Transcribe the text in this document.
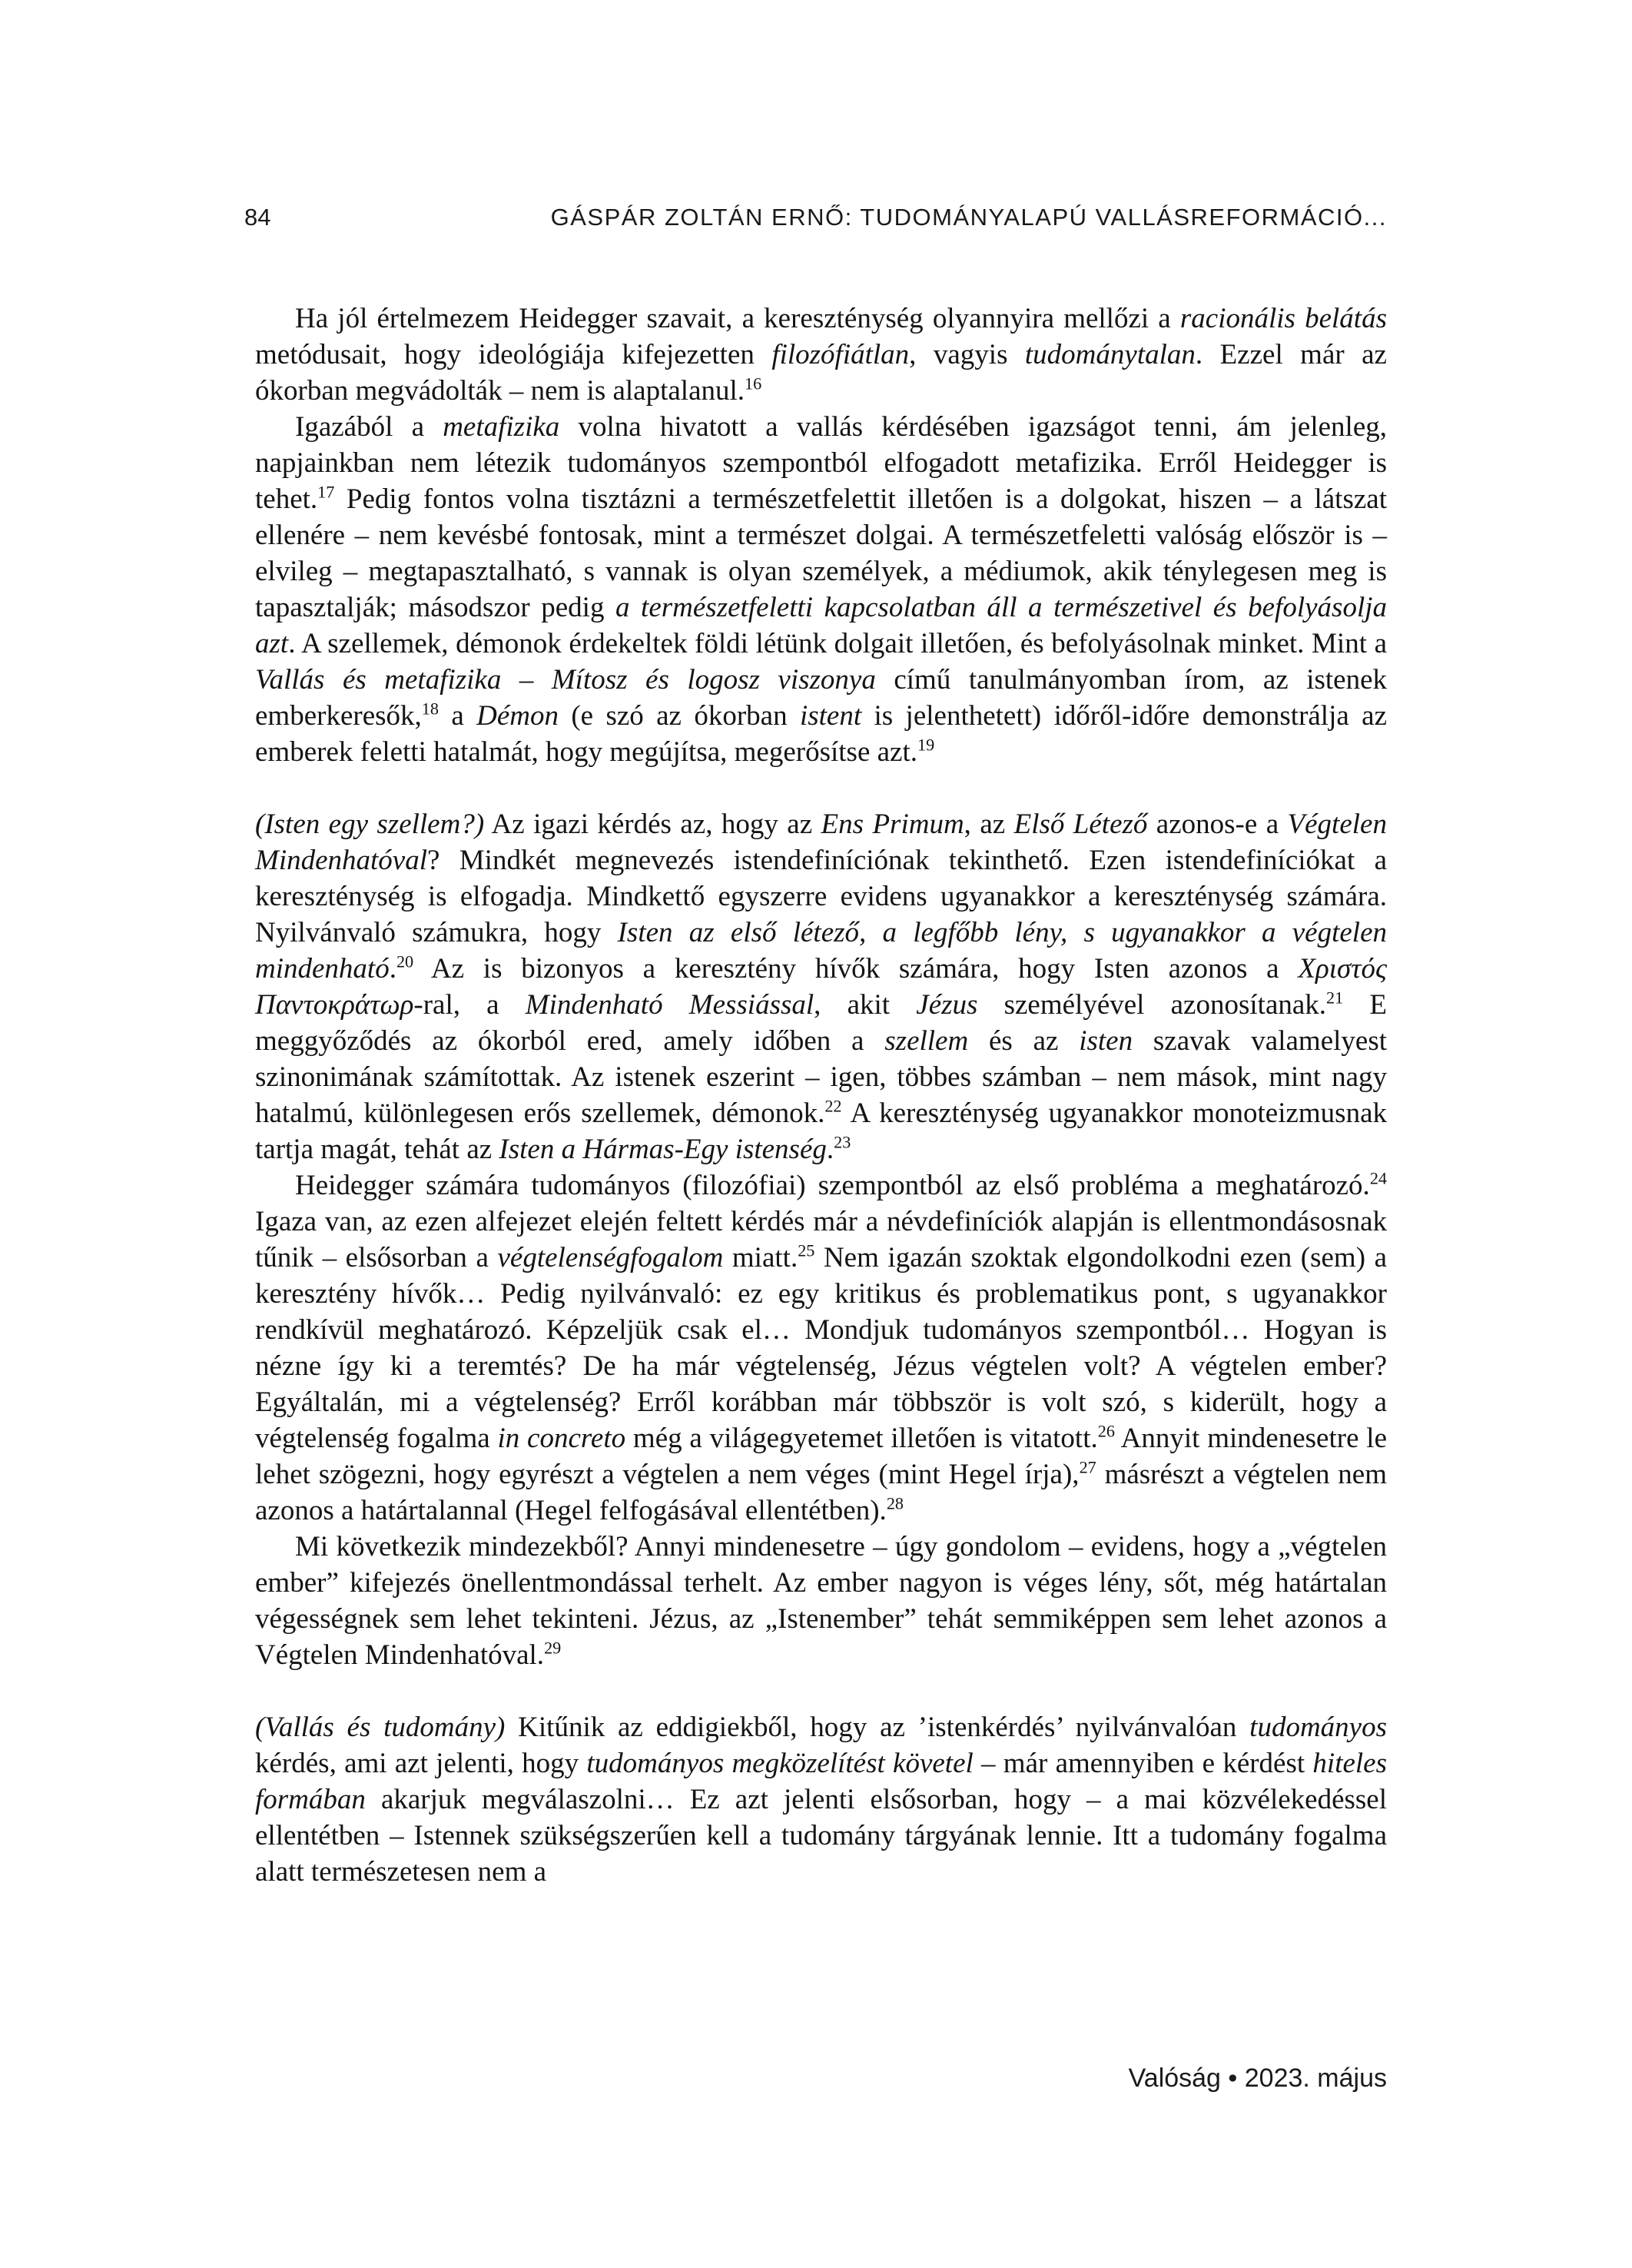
84	GÁSPÁR ZOLTÁN ERNŐ: TUDOMÁNYALAPÚ VALLÁSREFORMÁCIÓ...

Ha jól értelmezem Heidegger szavait, a kereszténység olyannyira mellőzi a racionális belátás metódusait, hogy ideológiája kifejezetten filozófiátlan, vagyis tudománytalan. Ezzel már az ókorban megvádolták – nem is alaptalanul.$^{16}$

Igazából a metafizika volna hivatott a vallás kérdésében igazságot tenni, ám jelenleg, napjainkban nem létezik tudományos szempontból elfogadott metafizika. Erről Heidegger is tehet.$^{17}$ Pedig fontos volna tisztázni a természetfelettit illetően is a dolgokat, hiszen – a látszat ellenére – nem kevésbé fontosak, mint a természet dolgai. A természetfeletti valóság először is – elvileg – megtapasztalható, s vannak is olyan személyek, a médiumok, akik ténylegesen meg is tapasztalják; másodszor pedig a természetfeletti kapcsolatban áll a természetivel és befolyásolja azt. A szellemek, démonok érdekeltek földi létünk dolgait illetően, és befolyásolnak minket. Mint a Vallás és metafizika – Mítosz és logosz viszonya című tanulmányomban írom, az istenek emberkeresők,$^{18}$ a Démon (e szó az ókorban istent is jelenthetett) időről-időre demonstrálja az emberek feletti hatalmát, hogy megújítsa, megerősítse azt.$^{19}$

(Isten egy szellem?) Az igazi kérdés az, hogy az Ens Primum, az Első Létező azonos-e a Végtelen Mindenhatóval? Mindkét megnevezés istendefiníciónak tekinthető. Ezen istendefiníciókat a kereszténység is elfogadja. Mindkettő egyszerre evidens ugyanakkor a kereszténység számára. Nyilvánvaló számukra, hogy Isten az első létező, a legfőbb lény, s ugyanakkor a végtelen mindenható.$^{20}$ Az is bizonyos a keresztény hívők számára, hogy Isten azonos a Χριστός Παντοκράτωρ-ral, a Mindenható Messiással, akit Jézus személyével azonosítanak.$^{21}$ E meggyőződés az ókorból ered, amely időben a szellem és az isten szavak valamelyest szinonimának számítottak. Az istenek eszerint – igen, többes számban – nem mások, mint nagy hatalmú, különlegesen erős szellemek, démonok.$^{22}$ A kereszténység ugyanakkor monoteizmusnak tartja magát, tehát az Isten a Hármas-Egy istenség.$^{23}$

Heidegger számára tudományos (filozófiai) szempontból az első probléma a meghatározó.$^{24}$ Igaza van, az ezen alfejezet elején feltett kérdés már a névdefiníciók alapján is ellentmondásosnak tűnik – elsősorban a végtelenségfogalom miatt.$^{25}$ Nem igazán szoktak elgondolkodni ezen (sem) a keresztény hívők… Pedig nyilvánvaló: ez egy kritikus és problematikus pont, s ugyanakkor rendkívül meghatározó. Képzeljük csak el… Mondjuk tudományos szempontból… Hogyan is nézne így ki a teremtés? De ha már végtelenség, Jézus végtelen volt? A végtelen ember? Egyáltalán, mi a végtelenség? Erről korábban már többször is volt szó, s kiderült, hogy a végtelenség fogalma in concreto még a világegyetemet illetően is vitatott.$^{26}$ Annyit mindenesetre le lehet szögezni, hogy egyrészt a végtelen a nem véges (mint Hegel írja),$^{27}$ másrészt a végtelen nem azonos a határtalannal (Hegel felfogásával ellentétben).$^{28}$

Mi következik mindezekből? Annyi mindenesetre – úgy gondolom – evidens, hogy a „végtelen ember” kifejezés önellentmondással terhelt. Az ember nagyon is véges lény, sőt, még határtalan végességnek sem lehet tekinteni. Jézus, az „Istenember” tehát semmiképpen sem lehet azonos a Végtelen Mindenhatóval.$^{29}$

(Vallás és tudomány) Kitűnik az eddigiekből, hogy az ’istenkérdés’ nyilvánvalóan tudományos kérdés, ami azt jelenti, hogy tudományos megközelítést követel – már amennyiben e kérdést hiteles formában akarjuk megválaszolni… Ez azt jelenti elsősorban, hogy – a mai közvélekedéssel ellentétben – Istennek szükségszerűen kell a tudomány tárgyának lennie. Itt a tudomány fogalma alatt természetesen nem a

Valóság • 2023. május
